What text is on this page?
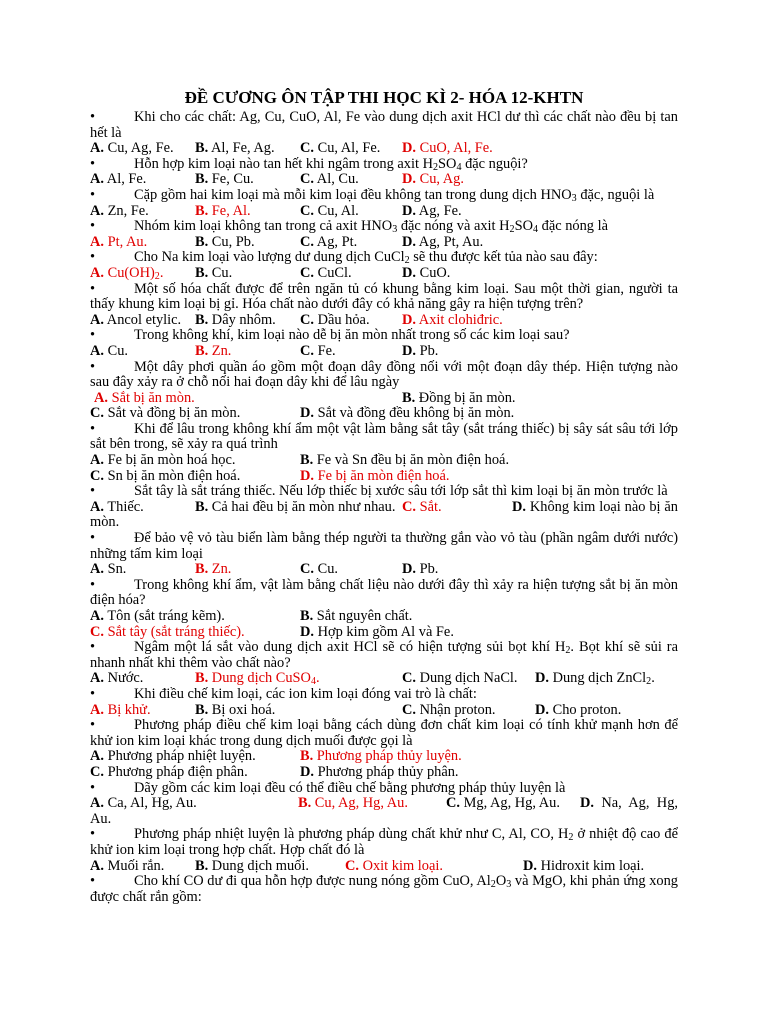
ĐỀ CƯƠNG ÔN TẬP THI HỌC KÌ 2- HÓA 12-KHTN
•	Khi cho các chất: Ag, Cu, CuO, Al, Fe vào dung dịch axit HCl dư thì các chất nào đều bị tan hết là
A. Cu, Ag, Fe.	B. Al, Fe, Ag.	C. Cu, Al, Fe.	D. CuO, Al, Fe.
•	Hỗn hợp kim loại nào tan hết khi ngâm trong axit $H_2SO_4$ đặc nguội?
A. Al, Fe.	B. Fe, Cu.	C. Al, Cu.	D. Cu, Ag.
•	Cặp gồm hai kim loại mà mỗi kim loại đều không tan trong dung dịch $HNO_3$ đặc, nguội là
A. Zn, Fe.	B. Fe, Al.	C. Cu, Al.	D. Ag, Fe.
•	Nhóm kim loại không tan trong cả axit $HNO_3$ đặc nóng và axit $H_2SO_4$ đặc nóng là
A. Pt, Au.	B. Cu, Pb.	C. Ag, Pt.	D. Ag, Pt, Au.
•	Cho Na kim loại vào lượng dư dung dịch CuCl$_2$ sẽ thu được kết tủa nào sau đây:
A. $Cu(OH)_2$.	B. Cu.	C. CuCl.	D. CuO.
•	Một số hóa chất được để trên ngăn tủ có khung bằng kim loại. Sau một thời gian, người ta thấy khung kim loại bị gỉ. Hóa chất nào dưới đây có khả năng gây ra hiện tượng trên?
A. Ancol etylic. B. Dây nhôm.	C. Dầu hỏa.	D. Axit clohiđric.
•	Trong không khí, kim loại nào dễ bị ăn mòn nhất trong số các kim loại sau?
A. Cu.	B. Zn.	C. Fe.	D. Pb.
•	Một dây phơi quần áo gồm một đoạn dây đồng nối với một đoạn dây thép. Hiện tượng nào sau đây xảy ra ở chỗ nối hai đoạn dây khi để lâu ngày
A. Sắt bị ăn mòn.	B. Đồng bị ăn mòn.
C. Sắt và đồng bị ăn mòn.	D. Sắt và đồng đều không bị ăn mòn.
•	Khi để lâu trong không khí ẩm một vật làm bằng sắt tây (sắt tráng thiếc) bị sây sát sâu tới lớp sắt bên trong, sẽ xảy ra quá trình
A. Fe bị ăn mòn hoá học.	B. Fe và Sn đều bị ăn mòn điện hoá.
C. Sn bị ăn mòn điện hoá.	D. Fe bị ăn mòn điện hoá.
•	Sắt tây là sắt tráng thiếc. Nếu lớp thiếc bị xước sâu tới lớp sắt thì kim loại bị ăn mòn trước là
A. Thiếc.	B. Cả hai đều bị ăn mòn như nhau. C. Sắt.	D. Không kim loại nào bị ăn mòn.
•	Để bảo vệ vỏ tàu biển làm bằng thép người ta thường gắn vào vỏ tàu (phần ngâm dưới nước) những tấm kim loại
A. Sn.	B. Zn.	C. Cu.	D. Pb.
•	Trong không khí ẩm, vật làm bằng chất liệu nào dưới đây thì xảy ra hiện tượng sắt bị ăn mòn điện hóa?
A. Tôn (sắt tráng kẽm).	B. Sắt nguyên chất.
C. Sắt tây (sắt tráng thiếc).	D. Hợp kim gồm Al và Fe.
•	Ngâm một lá sắt vào dung dịch axit HCl sẽ có hiện tượng sủi bọt khí $H_2$. Bọt khí sẽ sủi ra nhanh nhất khi thêm vào chất nào?
A. Nước.	B. Dung dịch CuSO$_4$.	C. Dung dịch NaCl.	D. Dung dịch ZnCl$_2$.
•	Khi điều chế kim loại, các ion kim loại đóng vai trò là chất:
A. Bị khử.	B. Bị oxi hoá.	C. Nhận proton.	D. Cho proton.
•	Phương pháp điều chế kim loại bằng cách dùng đơn chất kim loại có tính khử mạnh hơn để khử ion kim loại khác trong dung dịch muối được gọi là
A. Phương pháp nhiệt luyện.	B. Phương pháp thủy luyện.
C. Phương pháp điện phân.	D. Phương pháp thủy phân.
•	Dãy gồm các kim loại đều có thể điều chế bằng phương pháp thủy luyện là
A. Ca, Al, Hg, Au.	B. Cu, Ag, Hg, Au.	C. Mg, Ag, Hg, Au. D. Na, Ag, Hg, Au.
•	Phương pháp nhiệt luyện là phương pháp dùng chất khử như C, Al, CO, $H_2$ ở nhiệt độ cao để khử ion kim loại trong hợp chất. Hợp chất đó là
A. Muối rắn. B. Dung dịch muối.	C. Oxit kim loại.	D. Hidroxit kim loại.
•	Cho khí CO dư đi qua hỗn hợp được nung nóng gồm CuO, $Al_2O_3$ và MgO, khi phản ứng xong được chất rắn gồm:
